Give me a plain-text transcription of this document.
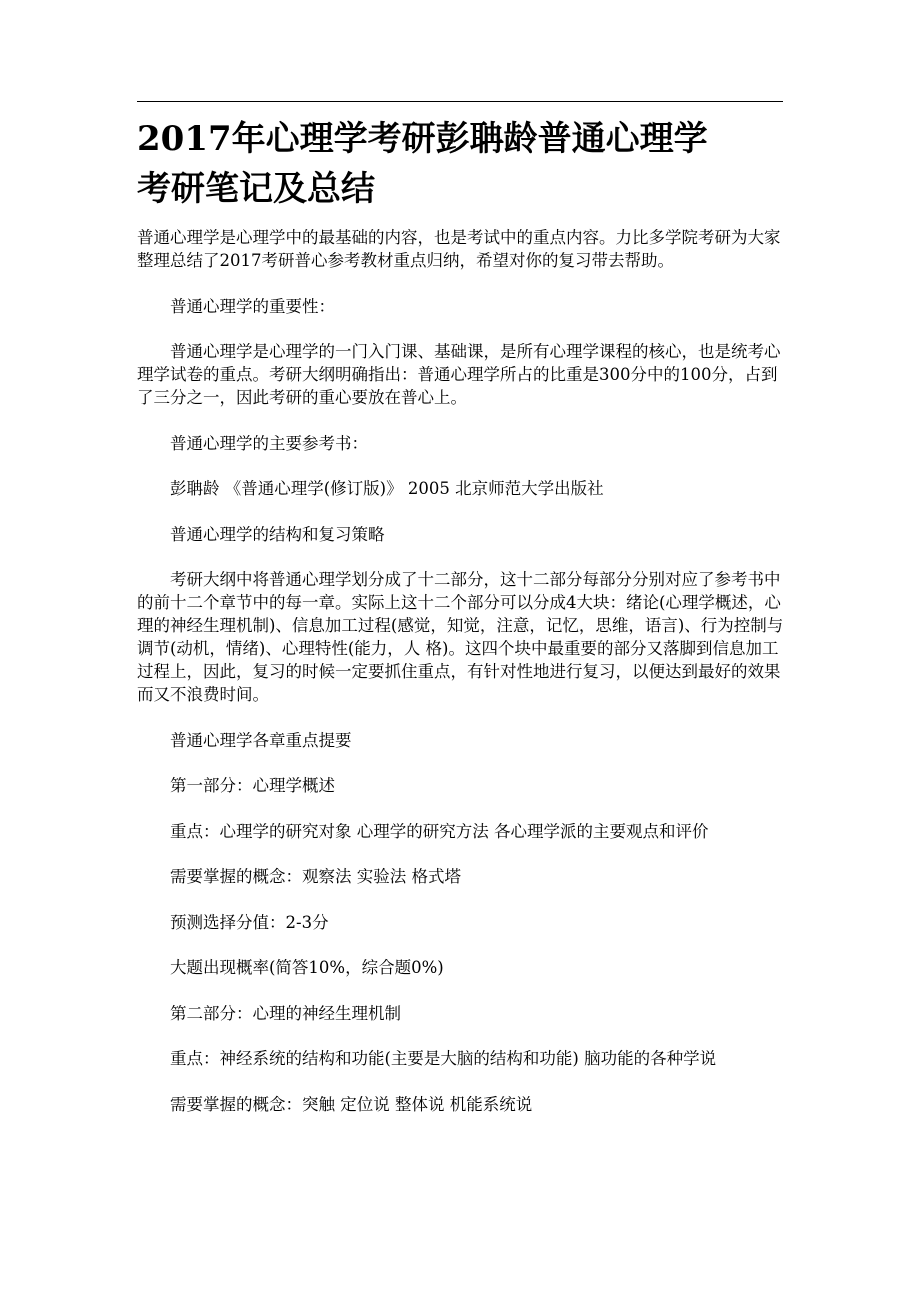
2017年心理学考研彭聃龄普通心理学
考研笔记及总结

普通心理学是心理学中的最基础的内容，也是考试中的重点内容。力比多学院考研为大家整理总结了2017考研普心参考教材重点归纳，希望对你的复习带去帮助。

普通心理学的重要性：

普通心理学是心理学的一门入门课、基础课，是所有心理学课程的核心，也是统考心理学试卷的重点。考研大纲明确指出：普通心理学所占的比重是300分中的100分，占到了三分之一，因此考研的重心要放在普心上。

普通心理学的主要参考书：

彭聃龄 《普通心理学(修订版)》 2005 北京师范大学出版社

普通心理学的结构和复习策略

考研大纲中将普通心理学划分成了十二部分，这十二部分每部分分别对应了参考书中的前十二个章节中的每一章。实际上这十二个部分可以分成4大块：绪论(心理学概述，心理的神经生理机制)、信息加工过程(感觉，知觉，注意，记忆，思维，语言)、行为控制与调节(动机，情绪)、心理特性(能力，人 格)。这四个块中最重要的部分又落脚到信息加工过程上，因此，复习的时候一定要抓住重点，有针对性地进行复习，以便达到最好的效果而又不浪费时间。

普通心理学各章重点提要

第一部分：心理学概述

重点：心理学的研究对象 心理学的研究方法 各心理学派的主要观点和评价

需要掌握的概念：观察法 实验法 格式塔

预测选择分值：2-3分

大题出现概率(简答10%，综合题0%)

第二部分：心理的神经生理机制

重点：神经系统的结构和功能(主要是大脑的结构和功能) 脑功能的各种学说

需要掌握的概念：突触 定位说 整体说 机能系统说
